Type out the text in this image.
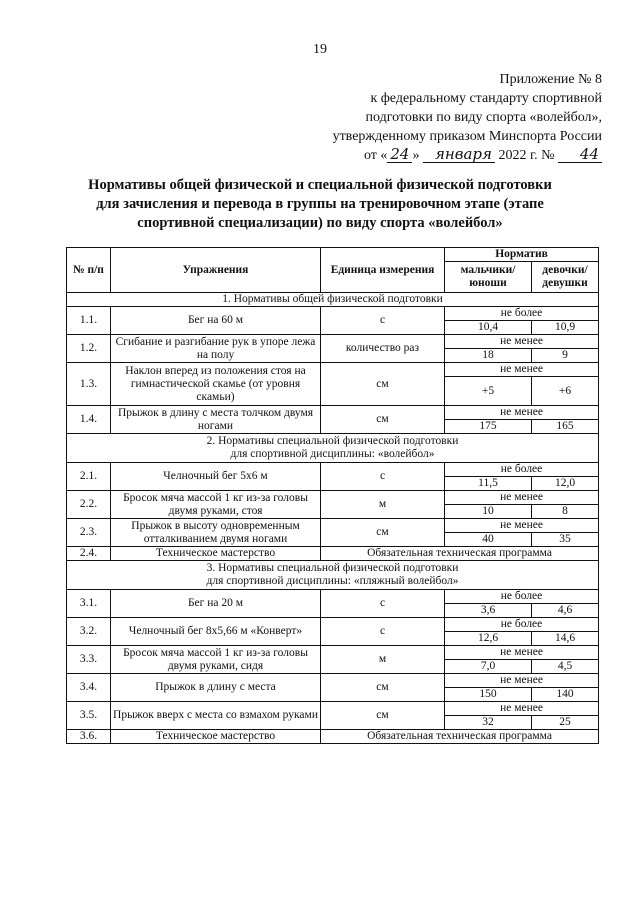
19
Приложение № 8
к федеральному стандарту спортивной
подготовки по виду спорта «волейбол»,
утвержденному приказом Минспорта России
от « 24 » января 2022 г. № 44
Нормативы общей физической и специальной физической подготовки
для зачисления и перевода в группы на тренировочном этапе (этапе
спортивной специализации) по виду спорта «волейбол»
№ п/п	Упражнения	Единица измерения	Норматив	
			мальчики/ юноши	девочки/ девушки
1. Нормативы общей физической подготовки				
1.1.	Бег на 60 м	с	не более	
			10,4	10,9
1.2.	Сгибание и разгибание рук в упоре лежа на полу	количество раз	не менее	
			18	9
1.3.	Наклон вперед из положения стоя на гимнастической скамье (от уровня скамьи)	см	не менее	
			+5	+6
1.4.	Прыжок в длину с места толчком двумя ногами	см	не менее	
			175	165

2. Нормативы специальной физической подготовки
для спортивной дисциплины: «волейбол»				

2.1.	Челночный бег 5х6 м	с	не более	
			11,5	12,0
2.2.	Бросок мяча массой 1 кг из-за головы двумя руками, стоя	м	не менее	
			10	8
2.3.	Прыжок в высоту одновременным отталкиванием двумя ногами	см	не менее	
			40	35
2.4.	Техническое мастерство	Обязательная техническая программа		

3. Нормативы специальной физической подготовки
для спортивной дисциплины: «пляжный волейбол»				

3.1.	Бег на 20 м	с	не более	
			3,6	4,6
3.2.	Челночный бег 8х5,66 м «Конверт»	с	не более	
			12,6	14,6
3.3.	Бросок мяча массой 1 кг из-за головы двумя руками, сидя	м	не менее	
			7,0	4,5
3.4.	Прыжок в длину с места	см	не менее	
			150	140
3.5.	Прыжок вверх с места со взмахом руками	см	не менее	
			32	25
3.6.	Техническое мастерство	Обязательная техническая программа		
